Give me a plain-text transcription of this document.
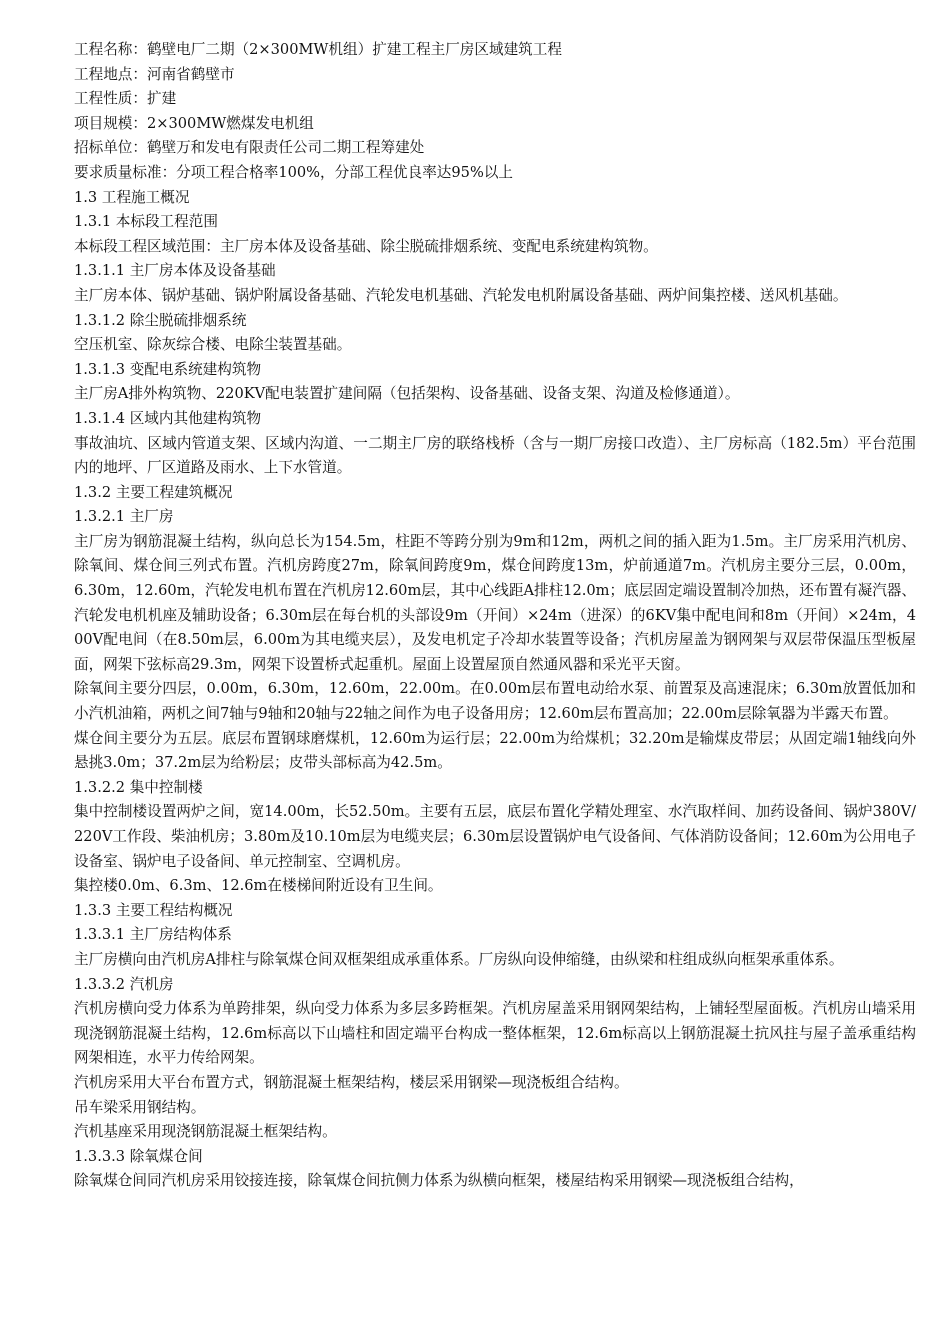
工程名称：鹤壁电厂二期（2×300MW机组）扩建工程主厂房区域建筑工程

工程地点：河南省鹤壁市

工程性质：扩建

项目规模：2×300MW燃煤发电机组

招标单位：鹤壁万和发电有限责任公司二期工程筹建处

要求质量标准：分项工程合格率100%，分部工程优良率达95%以上

1.3 工程施工概况

1.3.1 本标段工程范围

本标段工程区域范围：主厂房本体及设备基础、除尘脱硫排烟系统、变配电系统建构筑物。

1.3.1.1 主厂房本体及设备基础

主厂房本体、锅炉基础、锅炉附属设备基础、汽轮发电机基础、汽轮发电机附属设备基础、两炉间集控楼、送风机基础。

1.3.1.2 除尘脱硫排烟系统

空压机室、除灰综合楼、电除尘装置基础。

1.3.1.3 变配电系统建构筑物

主厂房A排外构筑物、220KV配电装置扩建间隔（包括架构、设备基础、设备支架、沟道及检修通道）。

1.3.1.4 区域内其他建构筑物

事故油坑、区域内管道支架、区域内沟道、一二期主厂房的联络栈桥（含与一期厂房接口改造）、主厂房标高（182.5m）平台范围内的地坪、厂区道路及雨水、上下水管道。

1.3.2 主要工程建筑概况

1.3.2.1 主厂房

主厂房为钢筋混凝土结构，纵向总长为154.5m，柱距不等跨分别为9m和12m，两机之间的插入距为1.5m。主厂房采用汽机房、除氧间、煤仓间三列式布置。汽机房跨度27m，除氧间跨度9m，煤仓间跨度13m，炉前通道7m。汽机房主要分三层，0.00m，6.30m，12.60m，汽轮发电机布置在汽机房12.60m层，其中心线距A排柱12.0m；底层固定端设置制冷加热，还布置有凝汽器、汽轮发电机机座及辅助设备；6.30m层在每台机的头部设9m（开间）×24m（进深）的6KV集中配电间和8m（开间）×24m，400V配电间（在8.50m层，6.00m为其电缆夹层），及发电机定子冷却水装置等设备；汽机房屋盖为钢网架与双层带保温压型板屋面，网架下弦标高29.3m，网架下设置桥式起重机。屋面上设置屋顶自然通风器和采光平天窗。

除氧间主要分四层，0.00m，6.30m，12.60m，22.00m。在0.00m层布置电动给水泵、前置泵及高速混床；6.30m放置低加和小汽机油箱，两机之间7轴与9轴和20轴与22轴之间作为电子设备用房；12.60m层布置高加；22.00m层除氧器为半露天布置。

煤仓间主要分为五层。底层布置钢球磨煤机，12.60m为运行层；22.00m为给煤机；32.20m是输煤皮带层；从固定端1轴线向外悬挑3.0m；37.2m层为给粉层；皮带头部标高为42.5m。

1.3.2.2 集中控制楼

集中控制楼设置两炉之间，宽14.00m，长52.50m。主要有五层，底层布置化学精处理室、水汽取样间、加药设备间、锅炉380V/220V工作段、柴油机房；3.80m及10.10m层为电缆夹层；6.30m层设置锅炉电气设备间、气体消防设备间；12.60m为公用电子设备室、锅炉电子设备间、单元控制室、空调机房。

集控楼0.0m、6.3m、12.6m在楼梯间附近设有卫生间。

1.3.3 主要工程结构概况

1.3.3.1 主厂房结构体系

主厂房横向由汽机房A排柱与除氧煤仓间双框架组成承重体系。厂房纵向设伸缩缝，由纵梁和柱组成纵向框架承重体系。

1.3.3.2 汽机房

汽机房横向受力体系为单跨排架，纵向受力体系为多层多跨框架。汽机房屋盖采用钢网架结构，上铺轻型屋面板。汽机房山墙采用现浇钢筋混凝土结构，12.6m标高以下山墙柱和固定端平台构成一整体框架，12.6m标高以上钢筋混凝土抗风拄与屋子盖承重结构网架相连，水平力传给网架。

汽机房采用大平台布置方式，钢筋混凝土框架结构，楼层采用钢梁—现浇板组合结构。

吊车梁采用钢结构。

汽机基座采用现浇钢筋混凝土框架结构。

1.3.3.3 除氧煤仓间

除氧煤仓间同汽机房采用铰接连接，除氧煤仓间抗侧力体系为纵横向框架，楼屋结构采用钢梁—现浇板组合结构，
